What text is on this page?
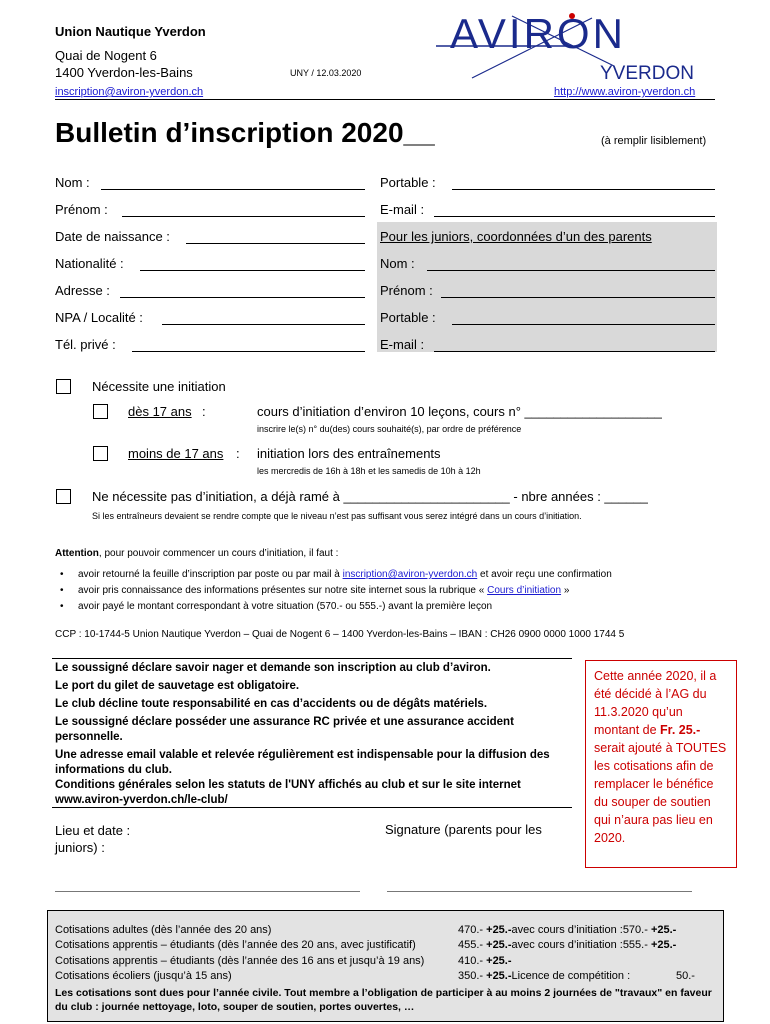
Union Nautique Yverdon
Quai de Nogent 6
1400 Yverdon-les-Bains	UNY / 12.03.2020
AVIRON
YVERDON
inscription@aviron-yverdon.ch	http://www.aviron-yverdon.ch
Bulletin d’inscription 2020__	(à remplir lisiblement)
Nom :
Prénom :
Date de naissance :
Nationalité :
Adresse :
NPA / Localité :
Tél. privé :
Portable :
E-mail :
Pour les juniors, coordonnées d’un des parents
Nom :
Prénom :
Portable :
E-mail :
Nécessite une initiation
dès 17 ans :	cours d’initiation d’environ 10 leçons, cours n° ___________________
inscrire le(s) n° du(des) cours souhaité(s), par ordre de préférence
moins de 17 ans : initiation lors des entraînements
les mercredis de 16h à 18h et les samedis de 10h à 12h
Ne nécessite pas d’initiation, a déjà ramé à _______________________ - nbre années : ______
Si les entraîneurs devaient se rendre compte que le niveau n’est pas suffisant vous serez intégré dans un cours d’initiation.
Attention, pour pouvoir commencer un cours d’initiation, il faut :
• avoir retourné la feuille d’inscription par poste ou par mail à inscription@aviron-yverdon.ch et avoir reçu une confirmation
• avoir pris connaissance des informations présentes sur notre site internet sous la rubrique « Cours d’initiation »
• avoir payé le montant correspondant à votre situation (570.- ou 555.-) avant la première leçon
CCP : 10-1744-5 Union Nautique Yverdon – Quai de Nogent 6 – 1400 Yverdon-les-Bains – IBAN : CH26 0900 0000 1000 1744 5
Le soussigné déclare savoir nager et demande son inscription au club d’aviron.
Le port du gilet de sauvetage est obligatoire.
Le club décline toute responsabilité en cas d’accidents ou de dégâts matériels.
Le soussigné déclare posséder une assurance RC privée et une assurance accident personnelle.
Une adresse email valable et relevée régulièrement est indispensable pour la diffusion des informations du club.
Conditions générales selon les statuts de l'UNY affichés au club et sur le site internet www.aviron-yverdon.ch/le-club/
Cette année 2020, il a été décidé à l’AG du 11.3.2020 qu’un montant de Fr. 25.- serait ajouté à TOUTES les cotisations afin de remplacer le bénéfice du souper de soutien qui n’aura pas lieu en 2020.
Lieu et date :
juniors) :
Signature (parents pour les
Cotisations adultes (dès l’année des 20 ans)	470.- +25.-avec cours d’initiation :570.- +25.-
Cotisations apprentis – étudiants (dès l’année des 20 ans, avec justificatif)	455.- +25.-avec cours d’initiation :555.- +25.-
Cotisations apprentis – étudiants (dès l’année des 16 ans et jusqu’à 19 ans)	410.- +25.-
Cotisations écoliers (jusqu’à 15 ans)	350.- +25.-Licence de compétition :	50.-
Les cotisations sont dues pour l’année civile. Tout membre a l’obligation de participer à au moins 2 journées de "travaux" en faveur du club : journée nettoyage, loto, souper de soutien, portes ouvertes, …
